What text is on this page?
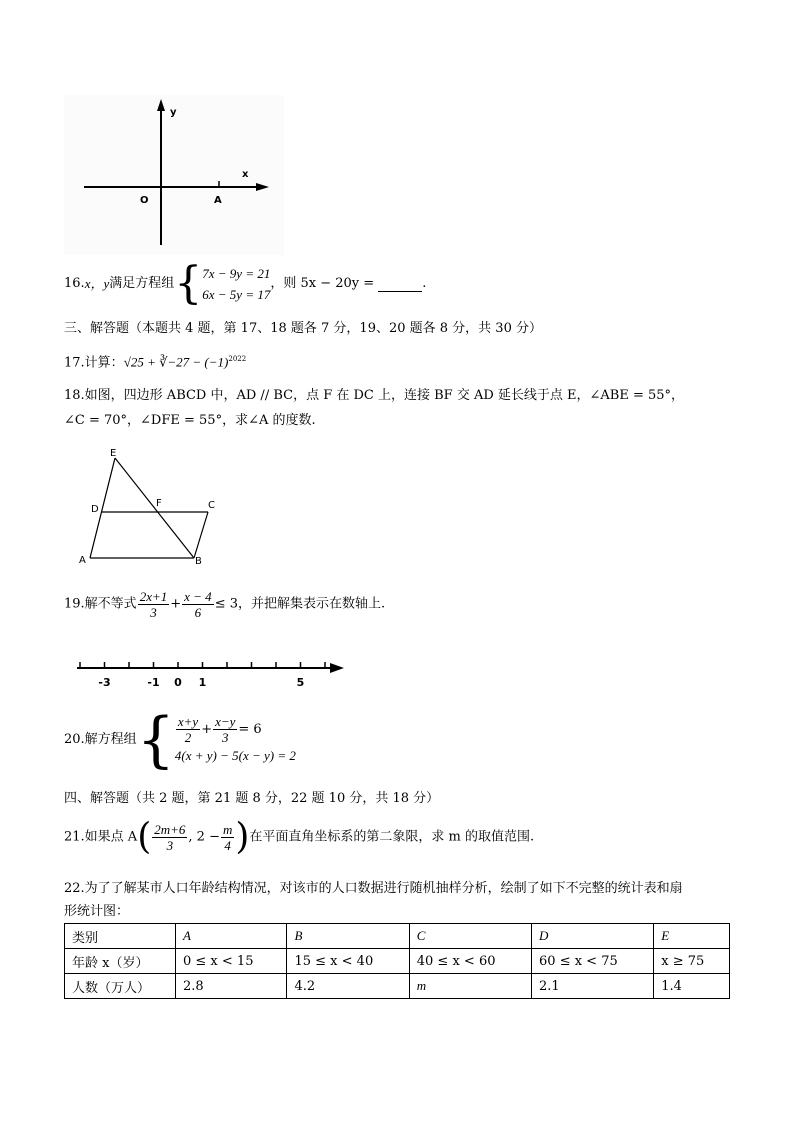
y
x
O	A
16.x，y满足方程组{ 7x − 9y = 21
6x − 5y = 17
，则 5x − 20y =	.
三、解答题（本题共 4 题，第 17、18 题各 7 分，19、20 题各 8 分，共 30 分）
17.计算：√25 + ∛−27 − $(-1)^{2022}$
18.如图，四边形 ABCD 中，AD // BC，点 F 在 DC 上，连接 BF 交 AD 延长线于点 E，∠ABE = 55°，
∠C = 70°，∠DFE = 55°，求∠A 的度数.
E
D
F	C
A	B
19.解不等式 $\frac{2x+1}{3} + \frac{x - 4}{6} \le 3$，并把解集表示在数轴上.
-3	-1 0 1	5
20.解方程组{ $\frac{x+y}{2} + \frac{x-y}{3} = 6$
4(x + y) − 5(x − y) = 2
四、解答题（共 2 题，第 21 题 8 分，22 题 10 分，共 18 分）
21.如果点 $A( \frac{2m+6}{3}$ , $2 - \frac{m}{4}$ )在平面直角坐标系的第二象限，求 m 的取值范围.
22.为了了解某市人口年龄结构情况，对该市的人口数据进行随机抽样分析，绘制了如下不完整的统计表和扇
形统计图：
类别	A	B	C	D	E
年龄 x（岁）	0 ≤ x < 15	15 ≤ x < 40	40 ≤ x < 60	60 ≤ x < 75	x ≥ 75
人数（万人）	2.8	4.2	m	2.1	1.4
